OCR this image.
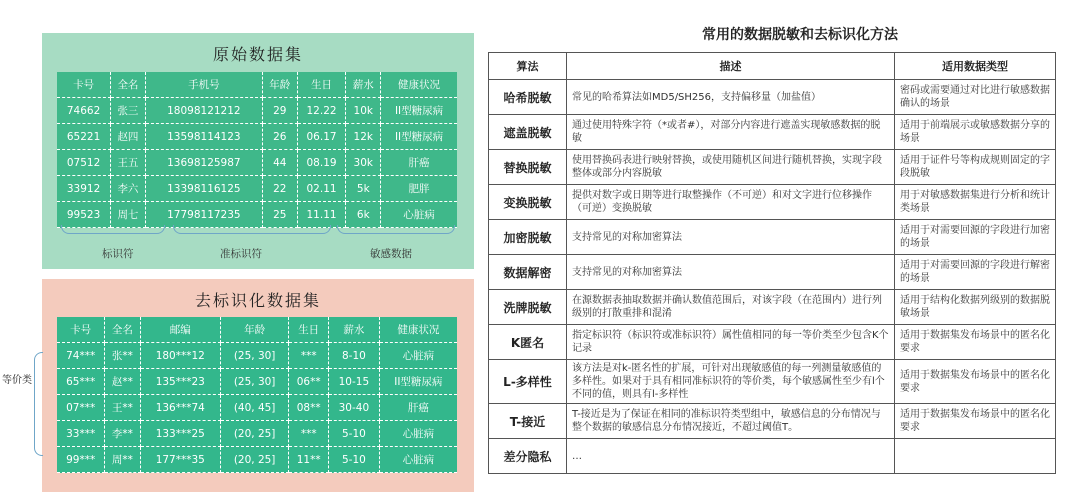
原始数据集
卡号	全名	手机号	年龄	生日	薪水	健康状况
74662	张三	18098121212	29	12.22	10k	II型糖尿病
65221	赵四	13598114123	26	06.17	12k	II型糖尿病
07512	王五	13698125987	44	08.19	30k	肝癌
33912	李六	13398116125	22	02.11	5k	肥胖
99523	周七	17798117235	25	11.11	6k	心脏病
标识符	准标识符	敏感数据
去标识化数据集
卡号	全名	邮编	年龄	生日	薪水	健康状况
74***	张**	180***12	(25, 30]	***	8-10	心脏病
65***	赵**	135***23	(25, 30]	06**	10-15	II型糖尿病
07***	王**	136***74	(40, 45]	08**	30-40	肝癌
33***	李**	133***25	(20, 25]	***	5-10	心脏病
99***	周**	177***35	(20, 25]	11**	5-10	心脏病
等价类
常用的数据脱敏和去标识化方法
算法	描述	适用数据类型
哈希脱敏	常见的哈希算法如MD5/SH256，支持偏移量（加盐值）	密码或需要通过对比进行敏感数据确认的场景
遮盖脱敏	通过使用特殊字符（*或者#），对部分内容进行遮盖实现敏感数据的脱敏	适用于前端展示或敏感数据分享的场景
替换脱敏	使用替换码表进行映射替换，或使用随机区间进行随机替换，实现字段整体或部分内容脱敏	适用于证件号等构成规则固定的字段脱敏
变换脱敏	提供对数字或日期等进行取整操作（不可逆）和对文字进行位移操作（可逆）变换脱敏	用于对敏感数据集进行分析和统计类场景
加密脱敏	支持常见的对称加密算法	适用于对需要回源的字段进行加密的场景
数据解密	支持常见的对称加密算法	适用于对需要回源的字段进行解密的场景
洗牌脱敏	在源数据表抽取数据并确认数值范围后，对该字段（在范围内）进行列级别的打散重排和混淆	适用于结构化数据列级别的数据脱敏场景
K匿名	指定标识符（标识符或准标识符）属性值相同的每一等价类至少包含K个记录	适用于数据集发布场景中的匿名化要求
L-多样性	该方法是对k-匿名性的扩展，可针对出现敏感值的每一列测量敏感值的多样性。如果对于具有相同准标识符的等价类，每个敏感属性至少有l个不同的值，则具有l-多样性	适用于数据集发布场景中的匿名化要求
T-接近	T-接近是为了保证在相同的准标识符类型组中，敏感信息的分布情况与整个数据的敏感信息分布情况接近，不超过阈值T。	适用于数据集发布场景中的匿名化要求
差分隐私	…	
